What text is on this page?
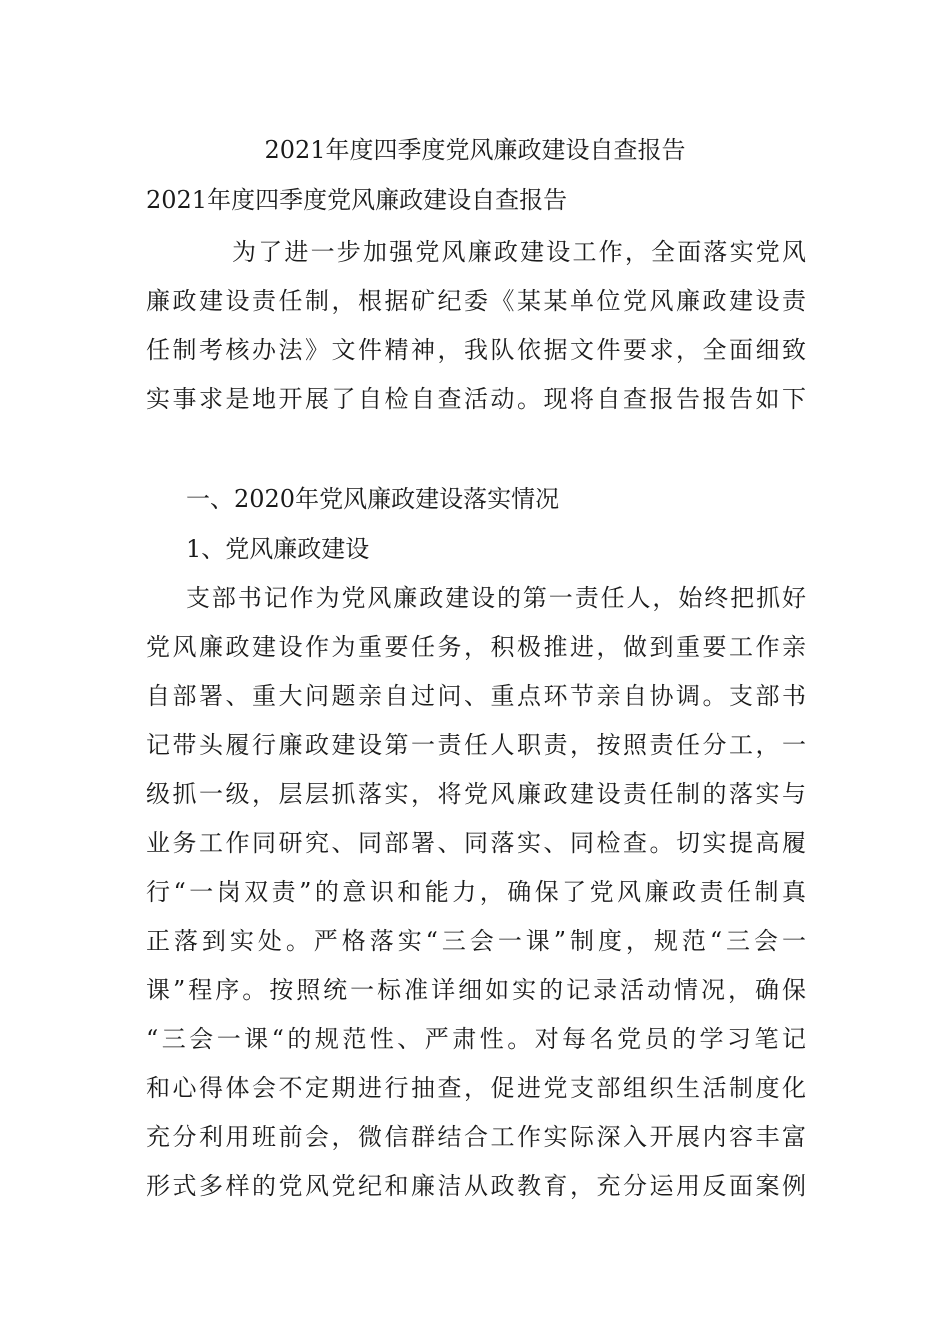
2021年度四季度党风廉政建设自查报告

2021年度四季度党风廉政建设自查报告

为了进一步加强党风廉政建设工作，全面落实党风
廉政建设责任制，根据矿纪委《某某单位党风廉政建设责
任制考核办法》文件精神，我队依据文件要求，全面细致
实事求是地开展了自检自查活动。现将自查报告报告如下

一、2020年党风廉政建设落实情况

1、党风廉政建设

支部书记作为党风廉政建设的第一责任人，始终把抓好
党风廉政建设作为重要任务，积极推进，做到重要工作亲
自部署、重大问题亲自过问、重点环节亲自协调。支部书
记带头履行廉政建设第一责任人职责，按照责任分工，一
级抓一级，层层抓落实，将党风廉政建设责任制的落实与
业务工作同研究、同部署、同落实、同检查。切实提高履
行“一岗双责”的意识和能力，确保了党风廉政责任制真
正落到实处。严格落实“三会一课”制度，规范“三会一
课”程序。按照统一标准详细如实的记录活动情况，确保
“三会一课“的规范性、严肃性。对每名党员的学习笔记
和心得体会不定期进行抽查，促进党支部组织生活制度化
充分利用班前会，微信群结合工作实际深入开展内容丰富
形式多样的党风党纪和廉洁从政教育，充分运用反面案例
